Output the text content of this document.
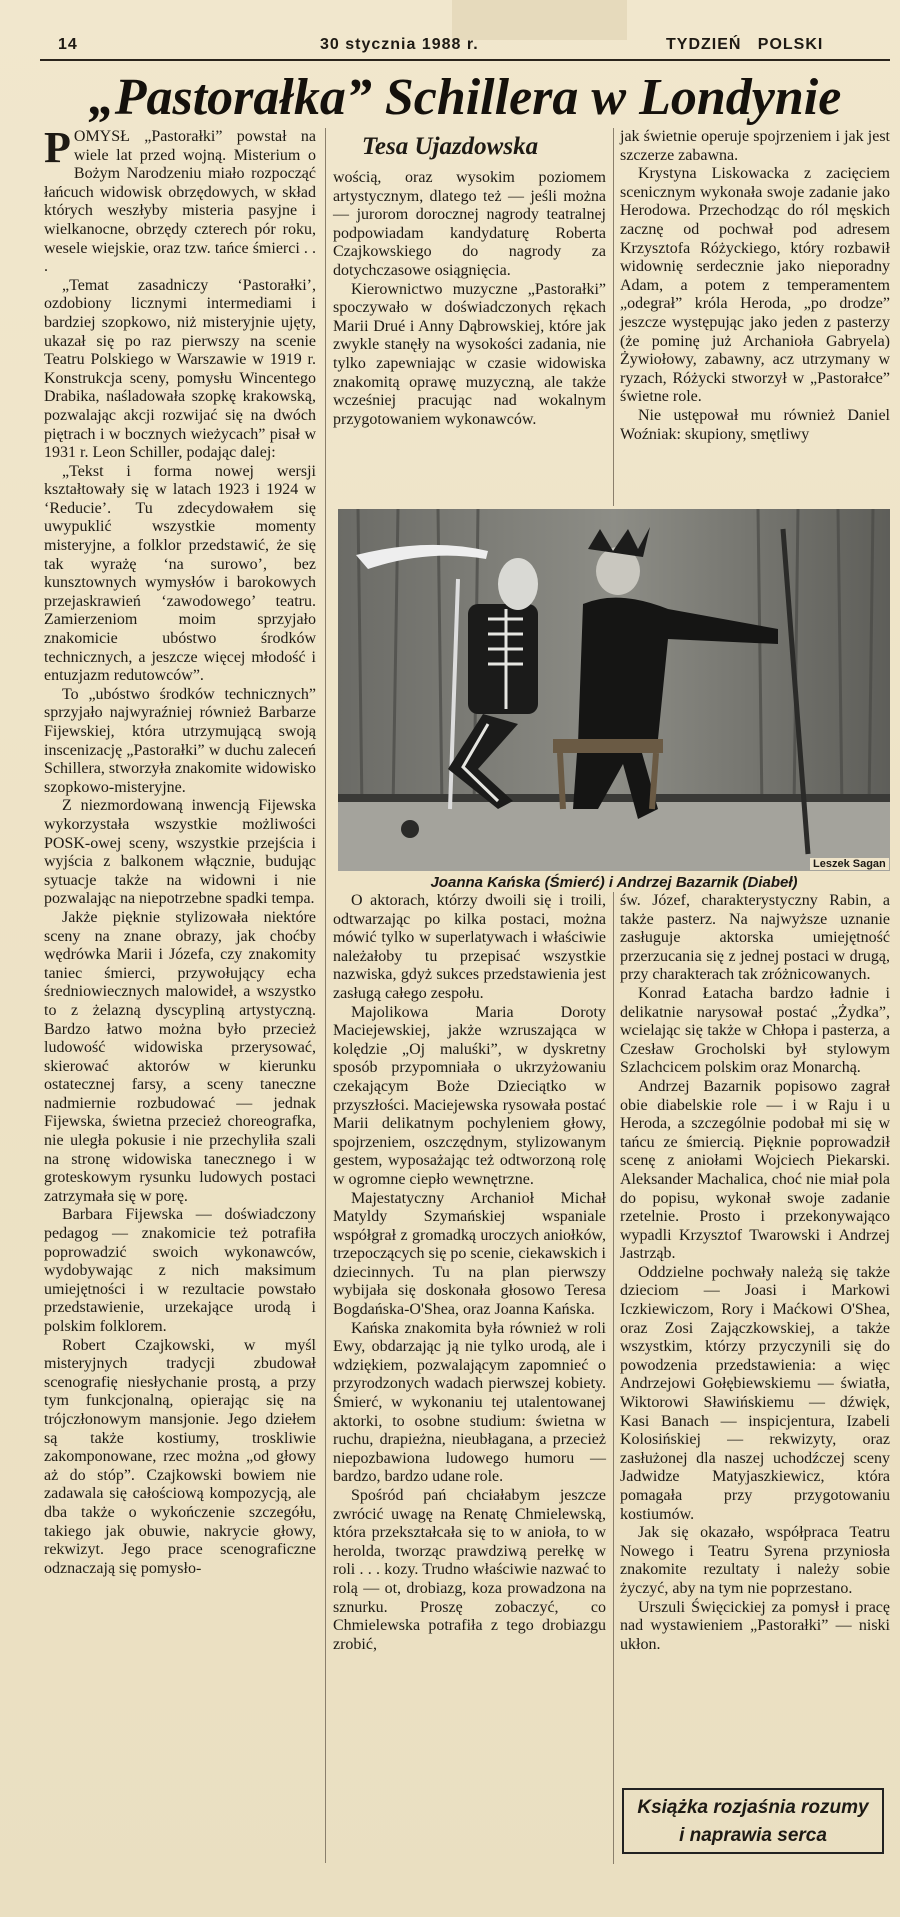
14	30 stycznia 1988 r.	TYDZIEŃ   POLSKI
„Pastorałka” Schillera w Londynie
Tesa Ujazdowska

POMYSŁ „Pastorałki” powstał na wiele lat przed wojną. Misterium o Bożym Narodzeniu miało rozpocząć łańcuch widowisk obrzędowych, w skład których weszłyby misteria pasyjne i wielkanocne, obrzędy czterech pór roku, wesele wiejskie, oraz tzw. tańce śmierci . . .

„Temat zasadniczy ‘Pastorałki’, ozdobiony licznymi intermediami i bardziej szopkowo, niż misteryjnie ujęty, ukazał się po raz pierwszy na scenie Teatru Polskiego w Warszawie w 1919 r. Konstrukcja sceny, pomysłu Wincentego Drabika, naśladowała szopkę krakowską, pozwalając akcji rozwijać się na dwóch piętrach i w bocznych wieżycach” pisał w 1931 r. Leon Schiller, podając dalej:

„Tekst i forma nowej wersji kształtowały się w latach 1923 i 1924 w ‘Reducie’. Tu zdecydowałem się uwypuklić wszystkie momenty misteryjne, a folklor przedstawić, że się tak wyrażę ‘na surowo’, bez kunsztownych wymysłów i barokowych przejaskrawień ‘zawodowego’ teatru. Zamierzeniom moim sprzyjało znakomicie ubóstwo środków technicznych, a jeszcze więcej młodość i entuzjazm redutowców”.

To „ubóstwo środków technicznych” sprzyjało najwyraźniej również Barbarze Fijewskiej, która utrzymującą swoją inscenizację „Pastorałki” w duchu zaleceń Schillera, stworzyła znakomite widowisko szopkowo-misteryjne.

Z niezmordowaną inwencją Fijewska wykorzystała wszystkie możliwości POSK-owej sceny, wszystkie przejścia i wyjścia z balkonem włącznie, budując sytuacje także na widowni i nie pozwalając na niepotrzebne spadki tempa.

Jakże pięknie stylizowała niektóre sceny na znane obrazy, jak choćby wędrówka Marii i Józefa, czy znakomity taniec śmierci, przywołujący echa średniowiecznych malowideł, a wszystko to z żelazną dyscypliną artystyczną. Bardzo łatwo można było przecież ludowość widowiska przerysować, skierować aktorów w kierunku ostatecznej farsy, a sceny taneczne nadmiernie rozbudować — jednak Fijewska, świetna przecież choreografka, nie uległa pokusie i nie przechyliła szali na stronę widowiska tanecznego i w groteskowym rysunku ludowych postaci zatrzymała się w porę.

Barbara Fijewska — doświadczony pedagog — znakomicie też potrafiła poprowadzić swoich wykonawców, wydobywając z nich maksimum umiejętności i w rezultacie powstało przedstawienie, urzekające urodą i polskim folklorem.

Robert Czajkowski, w myśl misteryjnych tradycji zbudował scenografię niesłychanie prostą, a przy tym funkcjonalną, opierając się na trójczłonowym mansjonie. Jego dziełem są także kostiumy, troskliwie zakomponowane, rzec można „od głowy aż do stóp”. Czajkowski bowiem nie zadawala się całościową kompozycją, ale dba także o wykończenie szczegółu, takiego jak obuwie, nakrycie głowy, rekwizyt. Jego prace scenograficzne odznaczają się pomysło-

wością, oraz wysokim poziomem artystycznym, dlatego też — jeśli można — jurorom dorocznej nagrody teatralnej podpowiadam kandydaturę Roberta Czajkowskiego do nagrody za dotychczasowe osiągnięcia.

Kierownictwo muzyczne „Pastorałki” spoczywało w doświadczonych rękach Marii Drué i Anny Dąbrowskiej, które jak zwykle stanęły na wysokości zadania, nie tylko zapewniając w czasie widowiska znakomitą oprawę muzyczną, ale także wcześniej pracując nad wokalnym przygotowaniem wykonawców.

jak świetnie operuje spojrzeniem i jak jest szczerze zabawna.

Krystyna Liskowacka z zacięciem scenicznym wykonała swoje zadanie jako Herodowa. Przechodząc do ról męskich zacznę od pochwał pod adresem Krzysztofa Różyckiego, który rozbawił widownię serdecznie jako nieporadny Adam, a potem z temperamentem „odegrał” króla Heroda, „po drodze” jeszcze występując jako jeden z pasterzy (że pominę już Archanioła Gabryela) Żywiołowy, zabawny, acz utrzymany w ryzach, Różycki stworzył w „Pastorałce” świetne role.

Nie ustępował mu również Daniel Woźniak: skupiony, smętliwy

Leszek Sagan
Joanna Kańska (Śmierć) i Andrzej Bazarnik (Diabeł)

O aktorach, którzy dwoili się i troili, odtwarzając po kilka postaci, można mówić tylko w superlatywach i właściwie należałoby tu przepisać wszystkie nazwiska, gdyż sukces przedstawienia jest zasługą całego zespołu.

Majolikowa Maria Doroty Maciejewskiej, jakże wzruszająca w kolędzie „Oj maluśki”, w dyskretny sposób przypomniała o ukrzyżowaniu czekającym Boże Dzieciątko w przyszłości. Maciejewska rysowała postać Marii delikatnym pochyleniem głowy, spojrzeniem, oszczędnym, stylizowanym gestem, wyposażając też odtworzoną rolę w ogromne ciepło wewnętrzne.

Majestatyczny Archanioł Michał Matyldy Szymańskiej wspaniale współgrał z gromadką uroczych aniołków, trzepoczących się po scenie, ciekawskich i dziecinnych. Tu na plan pierwszy wybijała się doskonała głosowo Teresa Bogdańska-O'Shea, oraz Joanna Kańska.

Kańska znakomita była również w roli Ewy, obdarzając ją nie tylko urodą, ale i wdziękiem, pozwalającym zapomnieć o przyrodzonych wadach pierwszej kobiety. Śmierć, w wykonaniu tej utalentowanej aktorki, to osobne studium: świetna w ruchu, drapieżna, nieubłagana, a przecież niepozbawiona ludowego humoru — bardzo, bardzo udane role.

Spośród pań chciałabym jeszcze zwrócić uwagę na Renatę Chmielewską, która przekształcała się to w anioła, to w herolda, tworząc prawdziwą perełkę w roli . . . kozy. Trudno właściwie nazwać to rolą — ot, drobiazg, koza prowadzona na sznurku. Proszę zobaczyć, co Chmielewska potrafiła z tego drobiazgu zrobić,

św. Józef, charakterystyczny Rabin, a także pasterz. Na najwyższe uznanie zasługuje aktorska umiejętność przerzucania się z jednej postaci w drugą, przy charakterach tak zróżnicowanych.

Konrad Łatacha bardzo ładnie i delikatnie narysował postać „Żydka”, wcielając się także w Chłopa i pasterza, a Czesław Grocholski był stylowym Szlachcicem polskim oraz Monarchą.

Andrzej Bazarnik popisowo zagrał obie diabelskie role — i w Raju i u Heroda, a szczególnie podobał mi się w tańcu ze śmiercią. Pięknie poprowadził scenę z aniołami Wojciech Piekarski. Aleksander Machalica, choć nie miał pola do popisu, wykonał swoje zadanie rzetelnie. Prosto i przekonywająco wypadli Krzysztof Twarowski i Andrzej Jastrząb.

Oddzielne pochwały należą się także dzieciom — Joasi i Markowi Iczkiewiczom, Rory i Maćkowi O'Shea, oraz Zosi Zajączkowskiej, a także wszystkim, którzy przyczynili się do powodzenia przedstawienia: a więc Andrzejowi Gołębiewskiemu — światła, Wiktorowi Sławińskiemu — dźwięk, Kasi Banach — inspicjentura, Izabeli Kolosińskiej — rekwizyty, oraz zasłużonej dla naszej uchodźczej sceny Jadwidze Matyjaszkiewicz, która pomagała przy przygotowaniu kostiumów.

Jak się okazało, współpraca Teatru Nowego i Teatru Syrena przyniosła znakomite rezultaty i należy sobie życzyć, aby na tym nie poprzestano.

Urszuli Święcickiej za pomysł i pracę nad wystawieniem „Pastorałki” — niski ukłon.

Książka rozjaśnia rozumy
i naprawia serca
